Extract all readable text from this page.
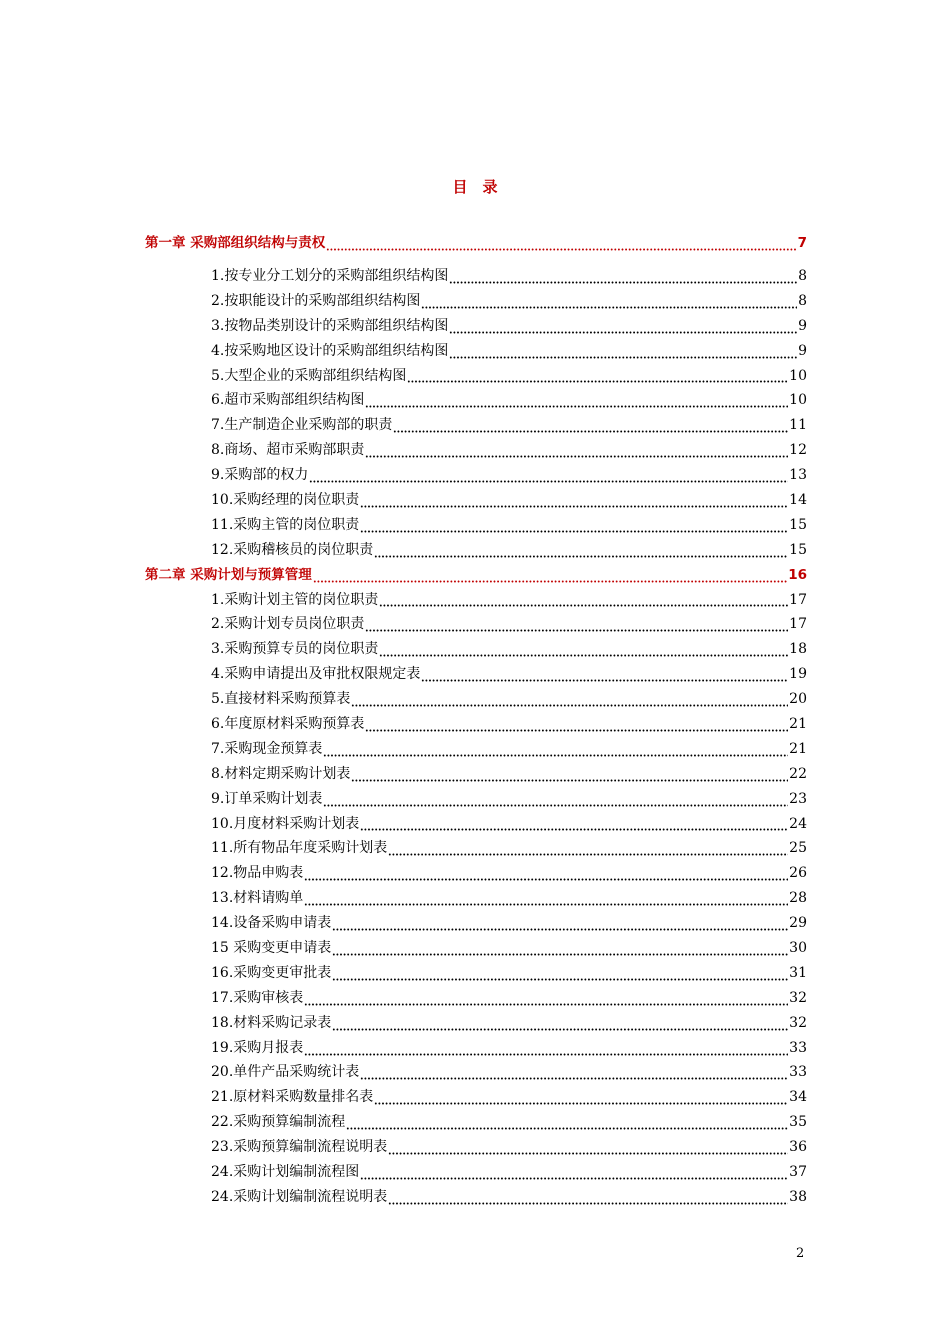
目　录
第一章 采购部组织结构与责权	7
1.按专业分工划分的采购部组织结构图	8
2.按职能设计的采购部组织结构图	8
3.按物品类别设计的采购部组织结构图	9
4.按采购地区设计的采购部组织结构图	9
5.大型企业的采购部组织结构图	10
6.超市采购部组织结构图	10
7.生产制造企业采购部的职责	11
8.商场、超市采购部职责	12
9.采购部的权力	13
10.采购经理的岗位职责	14
11.采购主管的岗位职责	15
12.采购稽核员的岗位职责	15
第二章 采购计划与预算管理	16
1.采购计划主管的岗位职责	17
2.采购计划专员岗位职责	17
3.采购预算专员的岗位职责	18
4.采购申请提出及审批权限规定表	19
5.直接材料采购预算表	20
6.年度原材料采购预算表	21
7.采购现金预算表	21
8.材料定期采购计划表	22
9.订单采购计划表	23
10.月度材料采购计划表	24
11.所有物品年度采购计划表	25
12.物品申购表	26
13.材料请购单	28
14.设备采购申请表	29
15 采购变更申请表	30
16.采购变更审批表	31
17.采购审核表	32
18.材料采购记录表	32
19.采购月报表	33
20.单件产品采购统计表	33
21.原材料采购数量排名表	34
22.采购预算编制流程	35
23.采购预算编制流程说明表	36
24.采购计划编制流程图	37
24.采购计划编制流程说明表	38
2
